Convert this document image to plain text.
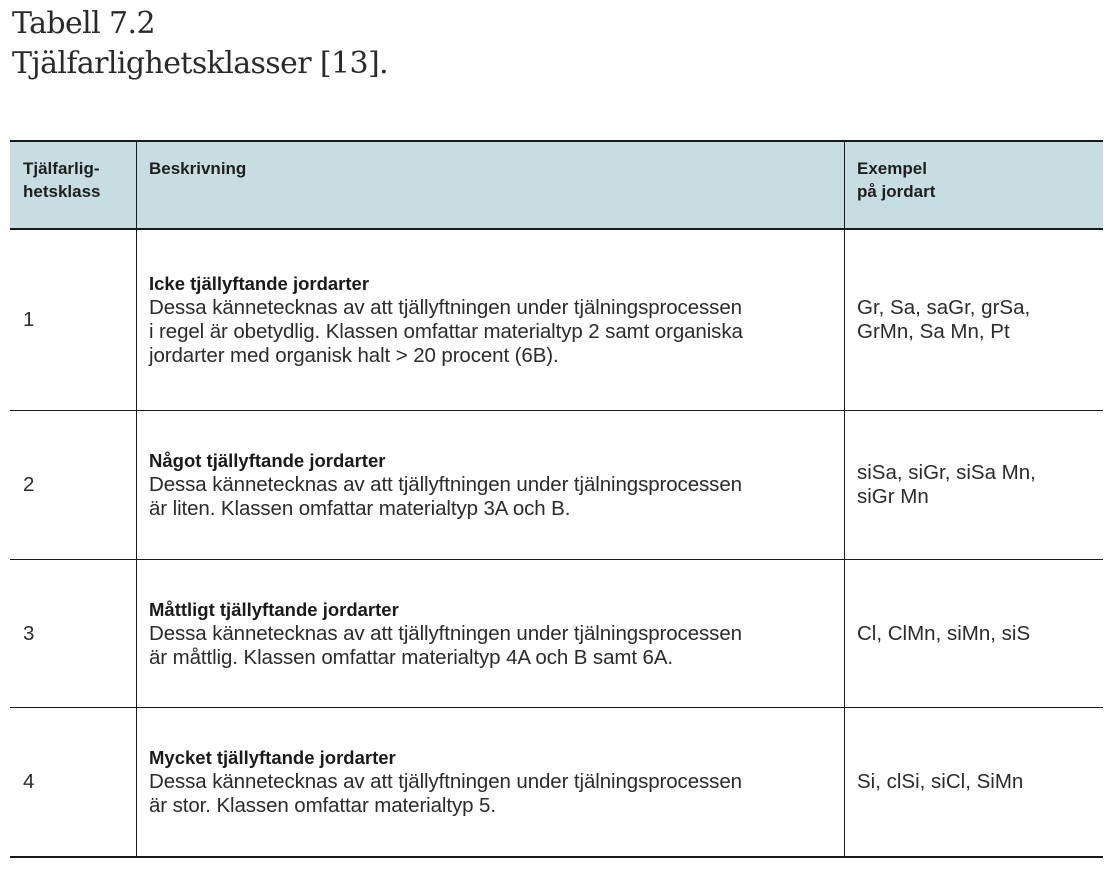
Tabell 7.2
Tjälfarlighetsklasser [13].
Tjälfarlig-
hetsklass
Beskrivning	Exempel
på jordart
1
Icke tjällyftande jordarter
Dessa kännetecknas av att tjällyftningen under tjälningsprocessen
i regel är obetydlig. Klassen omfattar materialtyp 2 samt organiska
jordarter med organisk halt > 20 procent (6B).
Gr, Sa, saGr, grSa,
GrMn, Sa Mn, Pt
2
Något tjällyftande jordarter
Dessa kännetecknas av att tjällyftningen under tjälningsprocessen
är liten. Klassen omfattar materialtyp 3A och B.
siSa, siGr, siSa Mn,
siGr Mn
3
Måttligt tjällyftande jordarter
Dessa kännetecknas av att tjällyftningen under tjälningsprocessen
är måttlig. Klassen omfattar materialtyp 4A och B samt 6A.
Cl, ClMn, siMn, siS
4
Mycket tjällyftande jordarter
Dessa kännetecknas av att tjällyftningen under tjälningsprocessen
är stor. Klassen omfattar materialtyp 5.
Si, clSi, siCl, SiMn
